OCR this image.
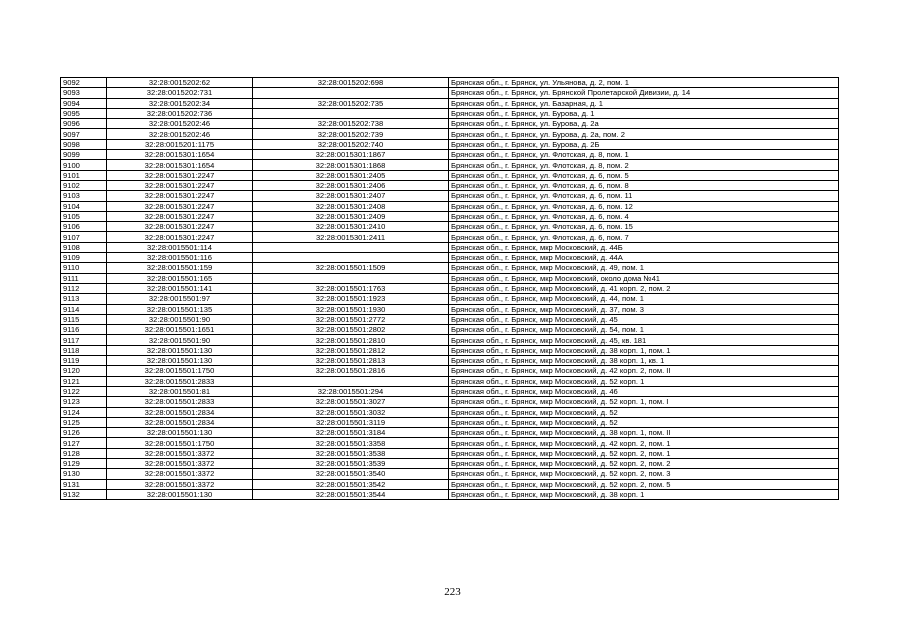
9092	32:28:0015202:62	32:28:0015202:698	Брянская обл., г. Брянск, ул. Ульянова, д. 2, пом. 1
9093	32:28:0015202:731		Брянская обл., г. Брянск, ул. Брянской Пролетарской Дивизии, д. 14
9094	32:28:0015202:34	32:28:0015202:735	Брянская обл., г. Брянск, ул. Базарная, д. 1
9095	32:28:0015202:736		Брянская обл., г. Брянск, ул. Бурова, д. 1
9096	32:28:0015202:46	32:28:0015202:738	Брянская обл., г. Брянск, ул. Бурова, д. 2а
9097	32:28:0015202:46	32:28:0015202:739	Брянская обл., г. Брянск, ул. Бурова, д. 2а, пом. 2
9098	32:28:0015201:1175	32:28:0015202:740	Брянская обл., г. Брянск, ул. Бурова, д. 2Б
9099	32:28:0015301:1654	32:28:0015301:1867	Брянская обл., г. Брянск, ул. Флотская, д. 8, пом. 1
9100	32:28:0015301:1654	32:28:0015301:1868	Брянская обл., г. Брянск, ул. Флотская, д. 8, пом. 2
9101	32:28:0015301:2247	32:28:0015301:2405	Брянская обл., г. Брянск, ул. Флотская, д. 6, пом. 5
9102	32:28:0015301:2247	32:28:0015301:2406	Брянская обл., г. Брянск, ул. Флотская, д. 6, пом. 8
9103	32:28:0015301:2247	32:28:0015301:2407	Брянская обл., г. Брянск, ул. Флотская, д. 6, пом. 11
9104	32:28:0015301:2247	32:28:0015301:2408	Брянская обл., г. Брянск, ул. Флотская, д. 6, пом. 12
9105	32:28:0015301:2247	32:28:0015301:2409	Брянская обл., г. Брянск, ул. Флотская, д. 6, пом. 4
9106	32:28:0015301:2247	32:28:0015301:2410	Брянская обл., г. Брянск, ул. Флотская, д. 6, пом. 15
9107	32:28:0015301:2247	32:28:0015301:2411	Брянская обл., г. Брянск, ул. Флотская, д. 6, пом. 7
9108	32:28:0015501:114		Брянская обл., г. Брянск, мкр Московский, д. 44Б
9109	32:28:0015501:116		Брянская обл., г. Брянск, мкр Московский, д. 44А
9110	32:28:0015501:159	32:28:0015501:1509	Брянская обл., г. Брянск, мкр Московский, д. 49, пом. 1
9111	32:28:0015501:165		Брянская обл., г. Брянск, мкр Московский, около дома №41
9112	32:28:0015501:141	32:28:0015501:1763	Брянская обл., г. Брянск, мкр Московский, д. 41 корп. 2, пом. 2
9113	32:28:0015501:97	32:28:0015501:1923	Брянская обл., г. Брянск, мкр Московский, д. 44, пом. 1
9114	32:28:0015501:135	32:28:0015501:1930	Брянская обл., г. Брянск, мкр Московский, д. 37, пом. 3
9115	32:28:0015501:90	32:28:0015501:2772	Брянская обл., г. Брянск, мкр Московский, д. 45
9116	32:28:0015501:1651	32:28:0015501:2802	Брянская обл., г. Брянск, мкр Московский, д. 54, пом. 1
9117	32:28:0015501:90	32:28:0015501:2810	Брянская обл., г. Брянск, мкр Московский, д. 45, кв. 181
9118	32:28:0015501:130	32:28:0015501:2812	Брянская обл., г. Брянск, мкр Московский, д. 38 корп. 1, пом. 1
9119	32:28:0015501:130	32:28:0015501:2813	Брянская обл., г. Брянск, мкр Московский, д. 38 корп. 1, кв. 1
9120	32:28:0015501:1750	32:28:0015501:2816	Брянская обл., г. Брянск, мкр Московский, д. 42 корп. 2, пом. II
9121	32:28:0015501:2833		Брянская обл., г. Брянск, мкр Московский, д. 52 корп. 1
9122	32:28:0015501:81	32:28:0015501:294	Брянская обл., г. Брянск, мкр Московский, д. 46
9123	32:28:0015501:2833	32:28:0015501:3027	Брянская обл., г. Брянск, мкр Московский, д. 52 корп. 1, пом. I
9124	32:28:0015501:2834	32:28:0015501:3032	Брянская обл., г. Брянск, мкр Московский, д. 52
9125	32:28:0015501:2834	32:28:0015501:3119	Брянская обл., г. Брянск, мкр Московский, д. 52
9126	32:28:0015501:130	32:28:0015501:3184	Брянская обл., г. Брянск, мкр Московский, д. 38 корп. 1, пом. II
9127	32:28:0015501:1750	32:28:0015501:3358	Брянская обл., г. Брянск, мкр Московский, д. 42 корп. 2, пом. 1
9128	32:28:0015501:3372	32:28:0015501:3538	Брянская обл., г. Брянск, мкр Московский, д. 52 корп. 2, пом. 1
9129	32:28:0015501:3372	32:28:0015501:3539	Брянская обл., г. Брянск, мкр Московский, д. 52 корп. 2, пом. 2
9130	32:28:0015501:3372	32:28:0015501:3540	Брянская обл., г. Брянск, мкр Московский, д. 52 корп. 2, пом. 3
9131	32:28:0015501:3372	32:28:0015501:3542	Брянская обл., г. Брянск, мкр Московский, д. 52 корп. 2, пом. 5
9132	32:28:0015501:130	32:28:0015501:3544	Брянская обл., г. Брянск, мкр Московский, д. 38 корп. 1
223
